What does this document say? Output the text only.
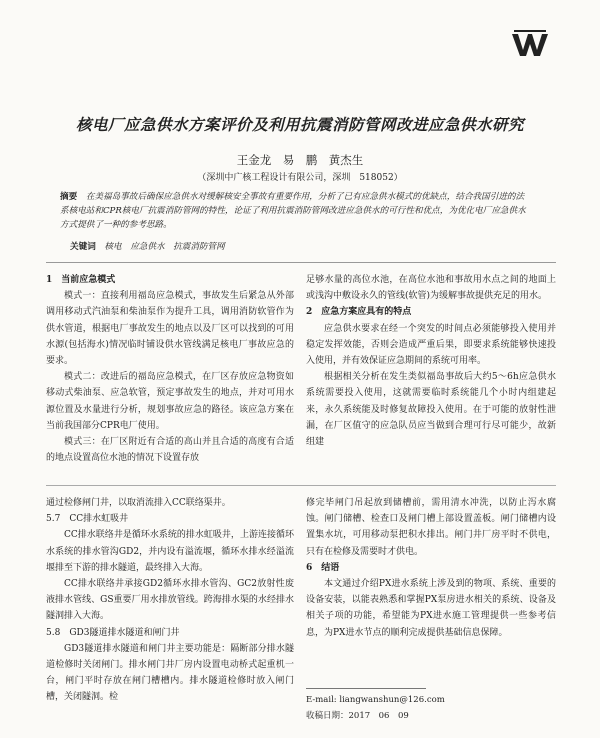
核电厂应急供水方案评价及利用抗震消防管网改进应急供水研究
王金龙　易　鹏　黄杰生
（深圳中广核工程设计有限公司，深圳　518052）
摘要　 在美福岛事故后确保应急供水对缓解核安全事故有重要作用，分析了已有应急供水模式的优缺点，结合我国引进的法系核电站和CPR核电厂抗震消防管网的特性，论证了利用抗震消防管网改进应急供水的可行性和优点，为优化电厂应急供水方式提供了一种的参考思路。
关键词　 核电　应急供水　抗震消防管网
1　当前应急模式

模式一：直接利用福岛应急模式，事故发生后紧急从外部调用移动式汽油泵和柴油泵作为提升工具，调用消防软管作为供水管道，根据电厂事故发生的地点以及厂区可以找到的可用水源(包括海水)情况临时铺设供水管线满足核电厂事故应急的要求。

模式二：改进后的福岛应急模式，在厂区存放应急物资如移动式柴油泵、应急软管，预定事故发生的地点，并对可用水源位置及水量进行分析，规划事故应急的路径。该应急方案在当前我国部分CPR电厂使用。

模式三：在厂区附近有合适的高山并且合适的高度有合适的地点设置高位水池的情况下设置存放

足够水量的高位水池，在高位水池和事故用水点之间的地面上或浅沟中敷设永久的管线(软管)为缓解事故提供充足的用水。

2　应急方案应具有的特点

应急供水要求在经一个突发的时间点必须能够投入使用并稳定发挥效能，否则会造成严重后果，即要求系统能够快速投入使用，并有效保证应急期间的系统可用率。

根据相关分析在发生类似福岛事故后大约5～6h应急供水系统需要投入使用，这就需要临时系统能几个小时内组建起来，永久系统能及时修复故障投入使用。在于可能的放射性泄漏，在厂区值守的应急队员应当做到合理可行尽可能少，故新组建

通过检修闸门井，以取消流排入CC联络渠井。

5.7　CC排水虹吸井

CC排水联络井是循环水系统的排水虹吸井，上游连接循环水系统的排水管沟GD2，并内设有溢流堰，循环水排水经溢流堰排至下游的排水隧道，最终排入大海。

CC排水联络井承接GD2循环水排水管沟、GC2放射性废液排水管线、GS重要厂用水排放管线。跨海排水渠的水经排水隧洞排入大海。

5.8　GD3隧道排水隧道和闸门井

GD3隧道排水隧道和闸门井主要功能是：隔断部分排水隧道检修时关闭闸门。排水闸门井厂房内设置电动桥式起重机一台，闸门平时存放在闸门槽槽内。排水隧道检修时放入闸门槽，关闭隧洞。检

修完毕闸门吊起放到储槽前，需用清水冲洗，以防止泻水腐蚀。闸门储槽、检查口及闸门槽上部设置盖板。闸门储槽内设置集水坑，可用移动泵把积水排出。闸门井厂房平时不供电，只有在检修及需要时才供电。

6　结语

本文通过介绍PX进水系统上涉及到的物项、系统、重要的设备安装，以能表熟悉和掌握PX泵房进水相关的系统、设备及相关子项的功能，希望能为PX进水施工管理提供一些参考信息，为PX进水节点的顺利完成提供基础信息保障。

E-mail: liangwanshun@126.com
收稿日期：2017　06　09
